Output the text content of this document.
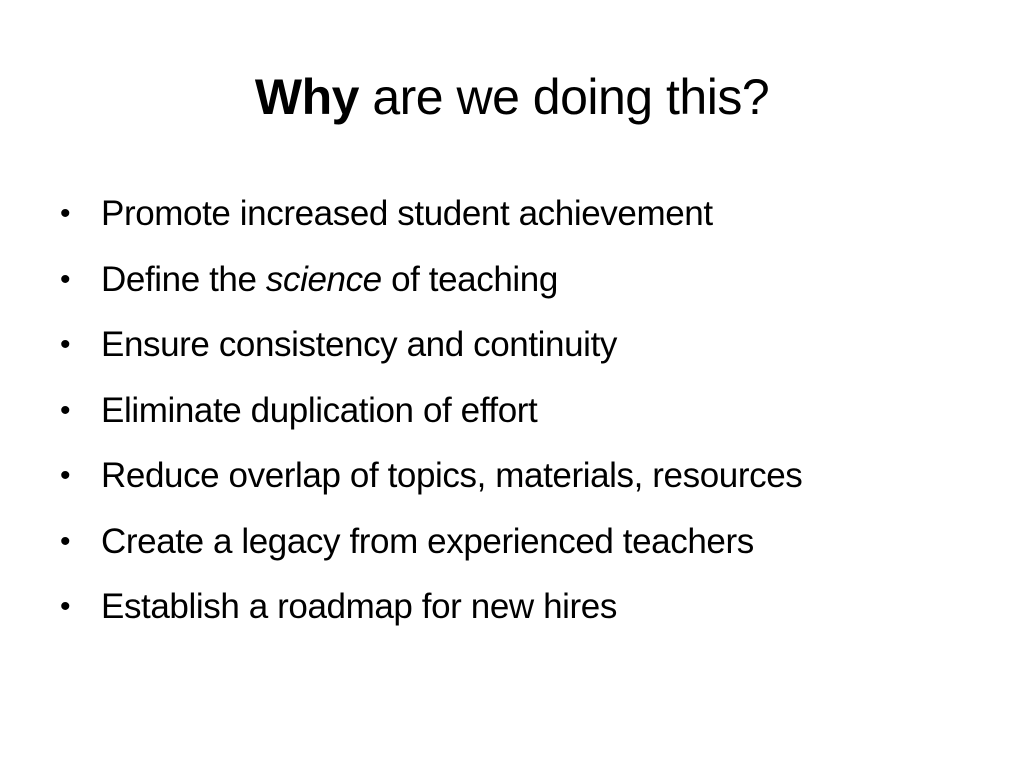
Why are we doing this?
• Promote increased student achievement
• Define the science of teaching
• Ensure consistency and continuity
• Eliminate duplication of effort
• Reduce overlap of topics, materials, resources
• Create a legacy from experienced teachers
• Establish a roadmap for new hires
